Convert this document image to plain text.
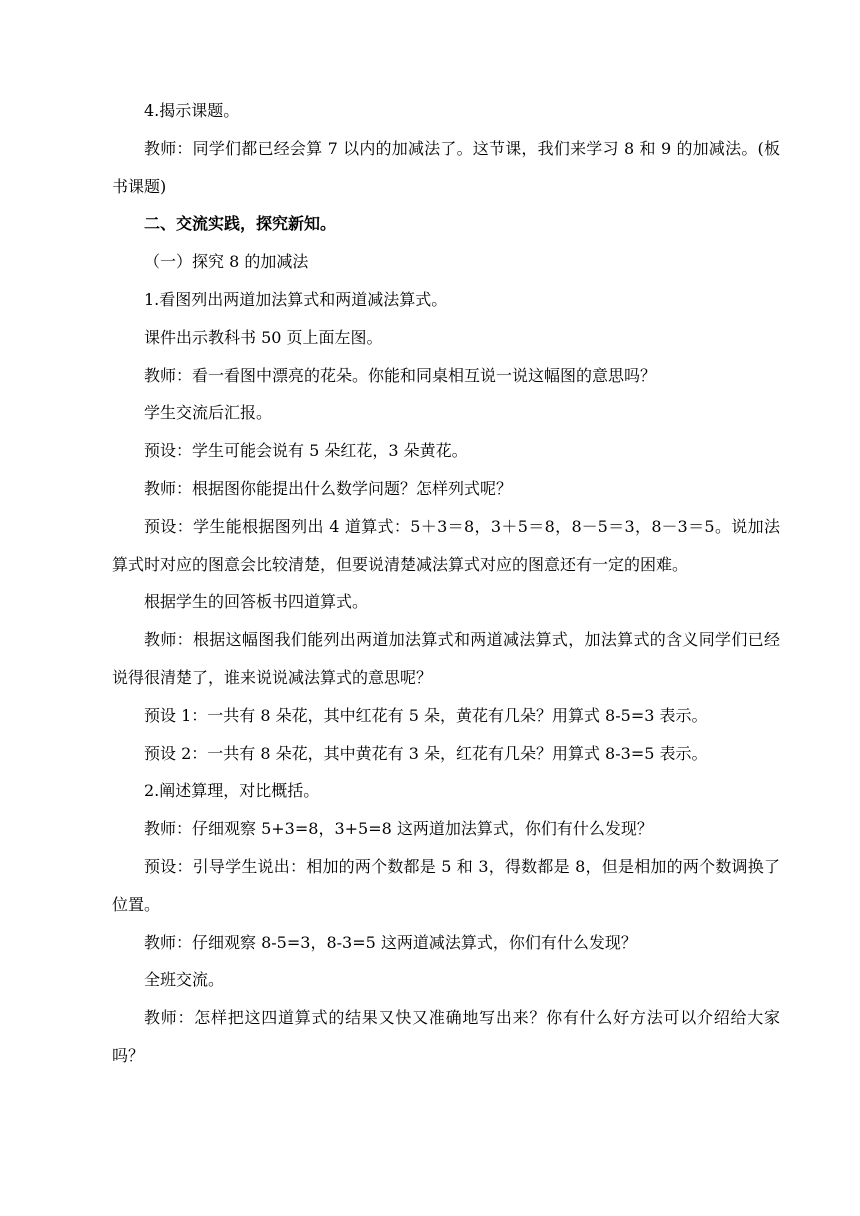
4.揭示课题。

教师：同学们都已经会算 7 以内的加减法了。这节课，我们来学习 8 和 9 的加减法。(板书课题)

二、交流实践，探究新知。

（一）探究 8 的加减法

1.看图列出两道加法算式和两道减法算式。

课件出示教科书 50 页上面左图。

教师：看一看图中漂亮的花朵。你能和同桌相互说一说这幅图的意思吗？

学生交流后汇报。

预设：学生可能会说有 5 朵红花，3 朵黄花。

教师：根据图你能提出什么数学问题？怎样列式呢？

预设：学生能根据图列出 4 道算式：5＋3＝8，3＋5＝8，8－5＝3，8－3＝5。说加法算式时对应的图意会比较清楚，但要说清楚减法算式对应的图意还有一定的困难。

根据学生的回答板书四道算式。

教师：根据这幅图我们能列出两道加法算式和两道减法算式，加法算式的含义同学们已经说得很清楚了，谁来说说减法算式的意思呢？

预设 1：一共有 8 朵花，其中红花有 5 朵，黄花有几朵？用算式 8-5=3 表示。

预设 2：一共有 8 朵花，其中黄花有 3 朵，红花有几朵？用算式 8-3=5 表示。

2.阐述算理，对比概括。

教师：仔细观察 5+3=8，3+5=8 这两道加法算式，你们有什么发现？

预设：引导学生说出：相加的两个数都是 5 和 3，得数都是 8，但是相加的两个数调换了位置。

教师：仔细观察 8-5=3，8-3=5 这两道减法算式，你们有什么发现？

全班交流。

教师：怎样把这四道算式的结果又快又准确地写出来？你有什么好方法可以介绍给大家吗？
